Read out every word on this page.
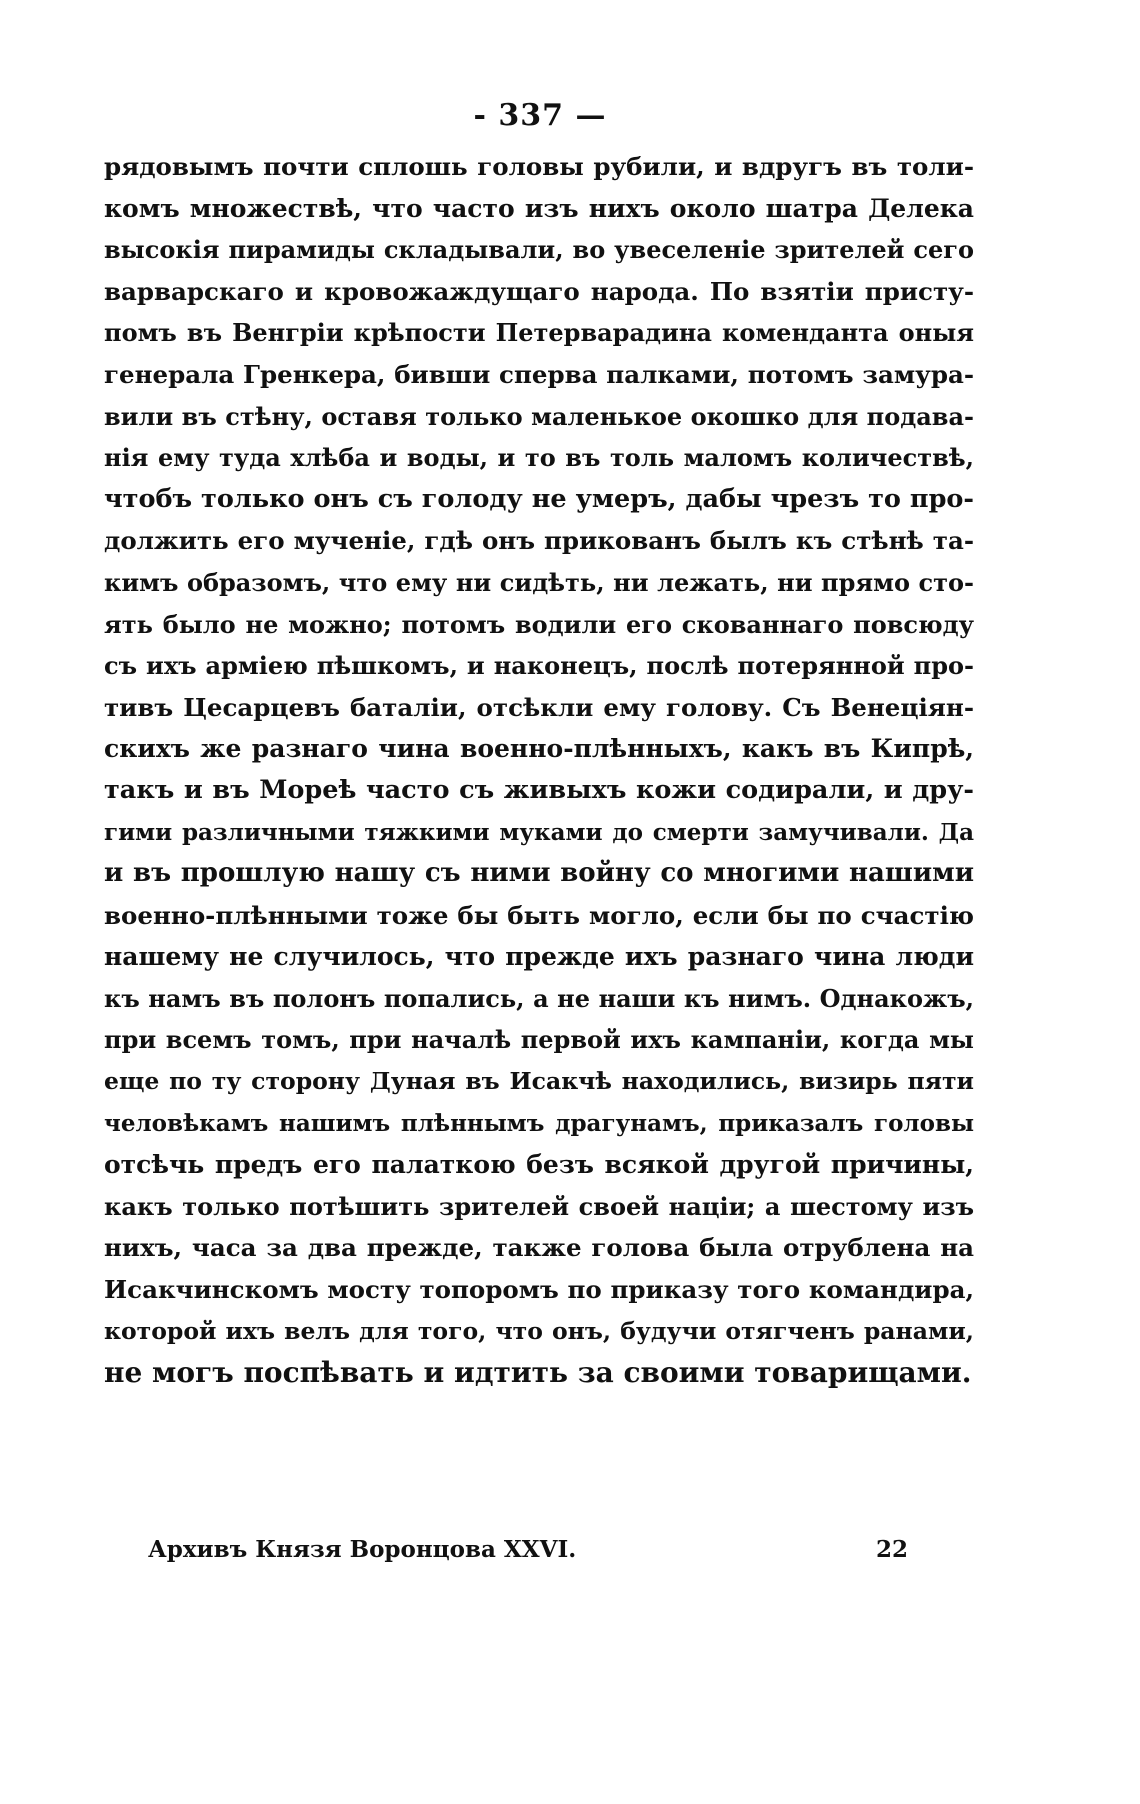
- 337 —
рядовымъ почти сплошь головы рубили, и вдругъ въ толи-
комъ множествѣ, что часто изъ нихъ около шатра Делека
высокія пирамиды складывали, во увеселеніе зрителей сего
варварскаго и кровожаждущаго народа. По взятіи присту-
помъ въ Венгріи крѣпости Петерварадина коменданта оныя
генерала Гренкера, бивши сперва палками, потомъ замура-
вили въ стѣну, оставя только маленькое окошко для подава-
нія ему туда хлѣба и воды, и то въ толь маломъ количествѣ,
чтобъ только онъ съ голоду не умеръ, дабы чрезъ то про-
должить его мученіе, гдѣ онъ прикованъ былъ къ стѣнѣ та-
кимъ образомъ, что ему ни сидѣть, ни лежать, ни прямо сто-
ять было не можно; потомъ водили его скованнаго повсюду
съ ихъ арміею пѣшкомъ, и наконецъ, послѣ потерянной про-
тивъ Цесарцевъ баталіи, отсѣкли ему голову. Съ Венеціян-
скихъ же разнаго чина военно-плѣнныхъ, какъ въ Кипрѣ,
такъ и въ Мореѣ часто съ живыхъ кожи содирали, и дру-
гими различными тяжкими муками до смерти замучивали. Да
и въ прошлую нашу съ ними войну со многими нашими
военно-плѣнными тоже бы быть могло, если бы по счастію
нашему не случилось, что прежде ихъ разнаго чина люди
къ намъ въ полонъ попались, а не наши къ нимъ. Однакожъ,
при всемъ томъ, при началѣ первой ихъ кампаніи, когда мы
еще по ту сторону Дуная въ Исакчѣ находились, визирь пяти
человѣкамъ нашимъ плѣннымъ драгунамъ, приказалъ головы
отсѣчь предъ его палаткою безъ всякой другой причины,
какъ только потѣшить зрителей своей націи; а шестому изъ
нихъ, часа за два прежде, также голова была отрублена на
Исакчинскомъ мосту топоромъ по приказу того командира,
которой ихъ велъ для того, что онъ, будучи отягченъ ранами,
не могъ поспѣвать и идтить за своими товарищами.
Архивъ Князя Воронцова XXVI.	22
